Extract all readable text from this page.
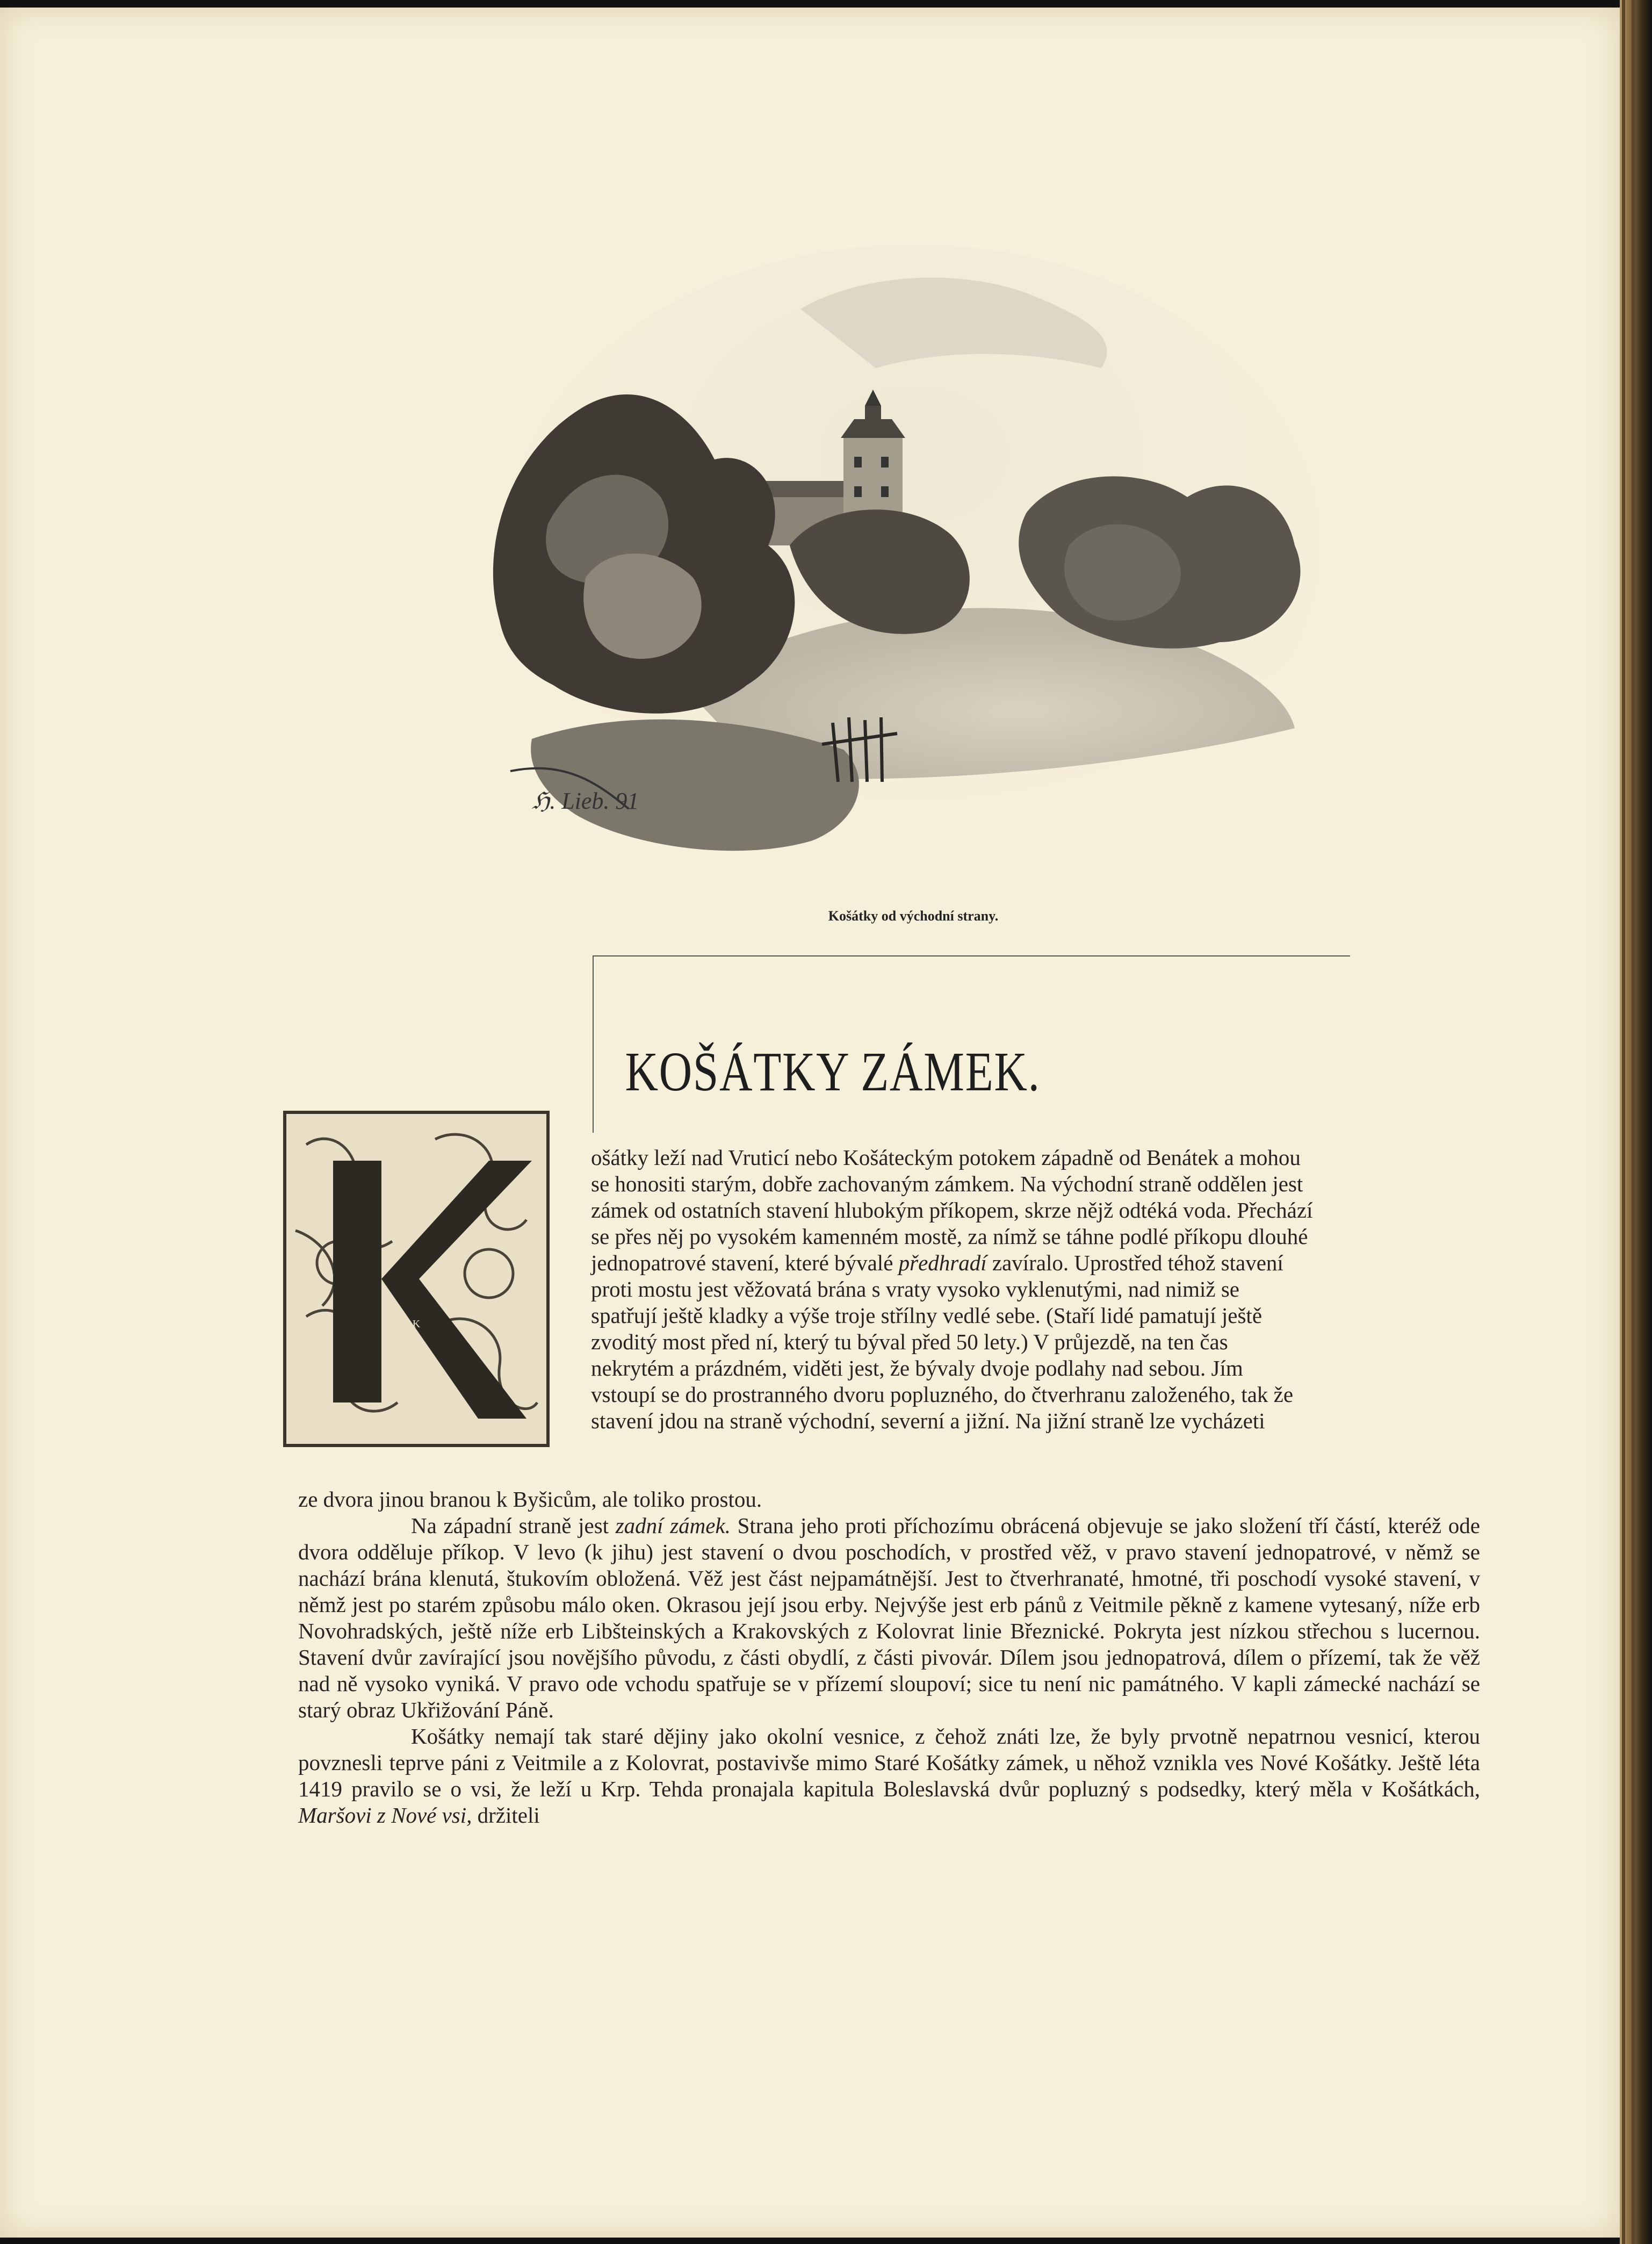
ℌ. Lieb. 91
Košátky od východní strany.
KOŠÁTKY ZÁMEK.
K

ošátky leží nad Vruticí nebo Košáteckým potokem západně od Benátek a mohou

se honositi starým, dobře zachovaným zámkem. Na východní straně oddělen jest

zámek od ostatních stavení hlubokým příkopem, skrze nějž odtéká voda. Přechází

se přes něj po vysokém kamenném mostě, za nímž se táhne podlé příkopu dlouhé

jednopatrové stavení, které bývalé předhradí zavíralo. Uprostřed téhož stavení

proti mostu jest věžovatá brána s vraty vysoko vyklenutými, nad nimiž se

spatřují ještě kladky a výše troje střílny vedlé sebe. (Staří lidé pamatují ještě

zvoditý most před ní, který tu býval před 50 lety.) V průjezdě, na ten čas

nekrytém a prázdném, viděti jest, že bývaly dvoje podlahy nad sebou. Jím

vstoupí se do prostranného dvoru popluzného, do čtverhranu založeného, tak že

stavení jdou na straně východní, severní a jižní. Na jižní straně lze vycházeti

ze dvora jinou branou k Byšicům, ale toliko prostou.

Na západní straně jest zadní zámek. Strana jeho proti příchozímu obrácená objevuje se jako složení tří částí, kteréž ode dvora odděluje příkop. V levo (k jihu) jest stavení o dvou poschodích, v prostřed věž, v pravo stavení jednopatrové, v němž se nachází brána klenutá, štukovím obložená. Věž jest část nejpamátnější. Jest to čtverhranaté, hmotné, tři poschodí vysoké stavení, v němž jest po starém způsobu málo oken. Okrasou její jsou erby. Nejvýše jest erb pánů z Veitmile pěkně z kamene vytesaný, níže erb Novohradských, ještě níže erb Libšteinských a Krakovských z Kolovrat linie Březnické. Pokryta jest nízkou střechou s lucernou. Stavení dvůr zavírající jsou novějšího původu, z části obydlí, z části pivovár. Dílem jsou jednopatrová, dílem o přízemí, tak že věž nad ně vysoko vyniká. V pravo ode vchodu spatřuje se v přízemí sloupoví; sice tu není nic památného. V kapli zámecké nachází se starý obraz Ukřižování Páně.

Košátky nemají tak staré dějiny jako okolní vesnice, z čehož znáti lze, že byly prvotně nepatrnou vesnicí, kterou povznesli teprve páni z Veitmile a z Kolovrat, postavivše mimo Staré Košátky zámek, u něhož vznikla ves Nové Košátky. Ještě léta 1419 pravilo se o vsi, že leží u Krp. Tehda pronajala kapitula Boleslavská dvůr popluzný s podsedky, který měla v Košátkách, Maršovi z Nové vsi, držiteli
